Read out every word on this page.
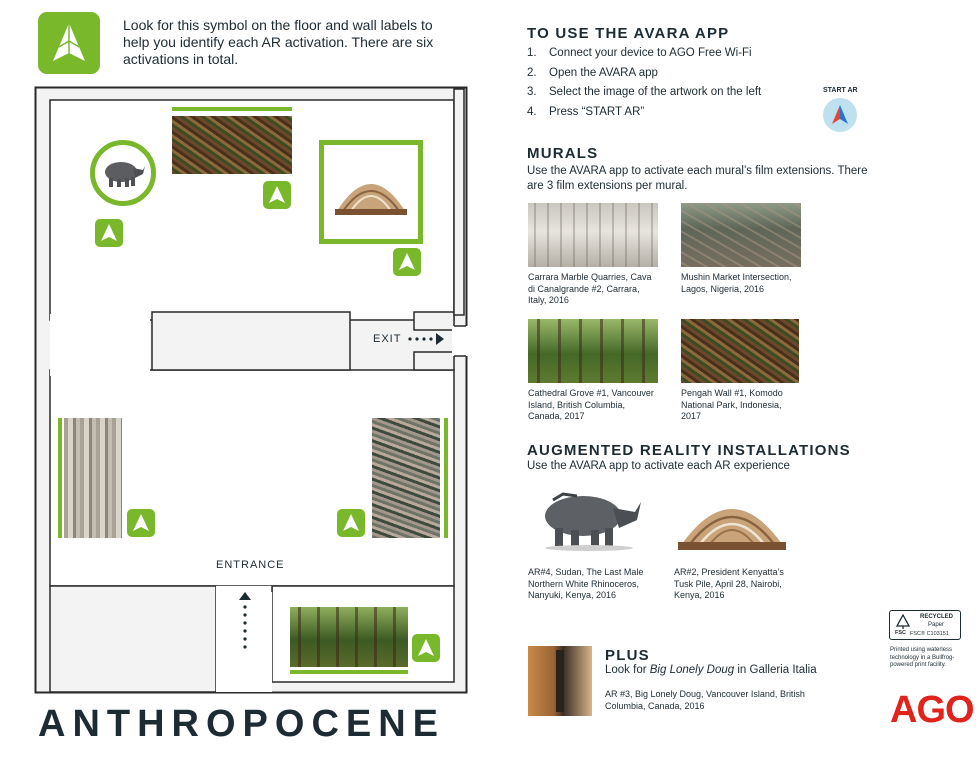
Look for this symbol on the floor and wall labels to help you identify each AR activation. There are six activations in total.
EXIT
ENTRANCE
ANTHROPOCENE
TO USE THE AVARA APP
1.	Connect your device to AGO Free Wi-Fi
2.	Open the AVARA app
3.	Select the image of the artwork on the left
4.	Press “START AR”
START AR
MURALS
Use the AVARA app to activate each mural’s film extensions. There are 3 film extensions per mural.
Carrara Marble Quarries, Cava di Canalgrande #2, Carrara, Italy, 2016
Mushin Market Intersection, Lagos, Nigeria, 2016
Cathedral Grove #1, Vancouver Island, British Columbia, Canada, 2017
Pengah Wall #1, Komodo National Park, Indonesia, 2017
AUGMENTED REALITY INSTALLATIONS
Use the AVARA app to activate each AR experience
AR#4, Sudan, The Last Male Northern White Rhinoceros, Nanyuki, Kenya, 2016
AR#2, President Kenyatta’s Tusk Pile, April 28, Nairobi, Kenya, 2016
PLUS
Look for Big Lonely Doug in Galleria Italia
AR #3, Big Lonely Doug, Vancouver Island, British Columbia, Canada, 2016
FSC
RECYCLED
Paper
FSC® C103151
Printed using waterless technology in a Bullfrog-powered print facility.
AGO
